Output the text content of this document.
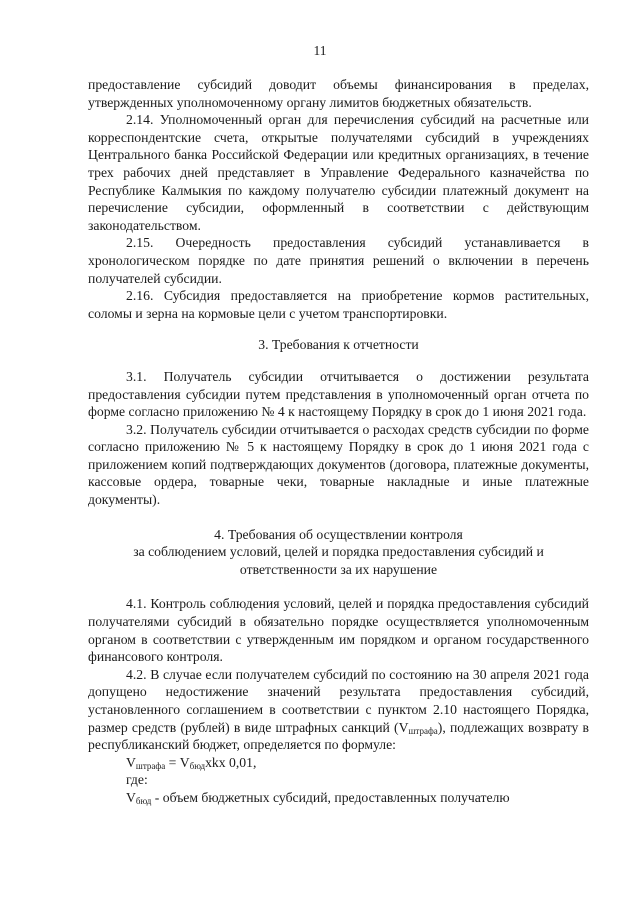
11

предоставление субсидий доводит объемы финансирования в пределах, утвержденных уполномоченному органу лимитов бюджетных обязательств.

2.14. Уполномоченный орган для перечисления субсидий на расчетные или корреспондентские счета, открытые получателями субсидий в учреждениях Центрального банка Российской Федерации или кредитных организациях, в течение трех рабочих дней представляет в Управление Федерального казначейства по Республике Калмыкия по каждому получателю субсидии платежный документ на перечисление субсидии, оформленный в соответствии с действующим законодательством.

2.15. Очередность предоставления субсидий устанавливается в хронологическом порядке по дате принятия решений о включении в перечень получателей субсидии.

2.16. Субсидия предоставляется на приобретение кормов растительных, соломы и зерна на кормовые цели с учетом транспортировки.

3. Требования к отчетности

3.1. Получатель субсидии отчитывается о достижении результата предоставления субсидии путем представления в уполномоченный орган отчета по форме согласно приложению № 4 к настоящему Порядку в срок до 1 июня 2021 года.

3.2. Получатель субсидии отчитывается о расходах средств субсидии по форме согласно приложению № 5 к настоящему Порядку в срок до 1 июня 2021 года с приложением копий подтверждающих документов (договора, платежные документы, кассовые ордера, товарные чеки, товарные накладные и иные платежные документы).

4. Требования об осуществлении контроля

за соблюдением условий, целей и порядка предоставления субсидий и

ответственности за их нарушение

4.1. Контроль соблюдения условий, целей и порядка предоставления субсидий получателями субсидий в обязательно порядке осуществляется уполномоченным органом в соответствии с утвержденным им порядком и органом государственного финансового контроля.

4.2. В случае если получателем субсидий по состоянию на 30 апреля 2021 года допущено недостижение значений результата предоставления субсидий, установленного соглашением в соответствии с пунктом 2.10 настоящего Порядка, размер средств (рублей) в виде штрафных санкций $(V_{штрафа})$, подлежащих возврату в республиканский бюджет, определяется по формуле:

$V_{штрафа} = V_{бюд}xkx$ 0,01,

где:

$V_{бюд}$ - объем бюджетных субсидий, предоставленных получателю
